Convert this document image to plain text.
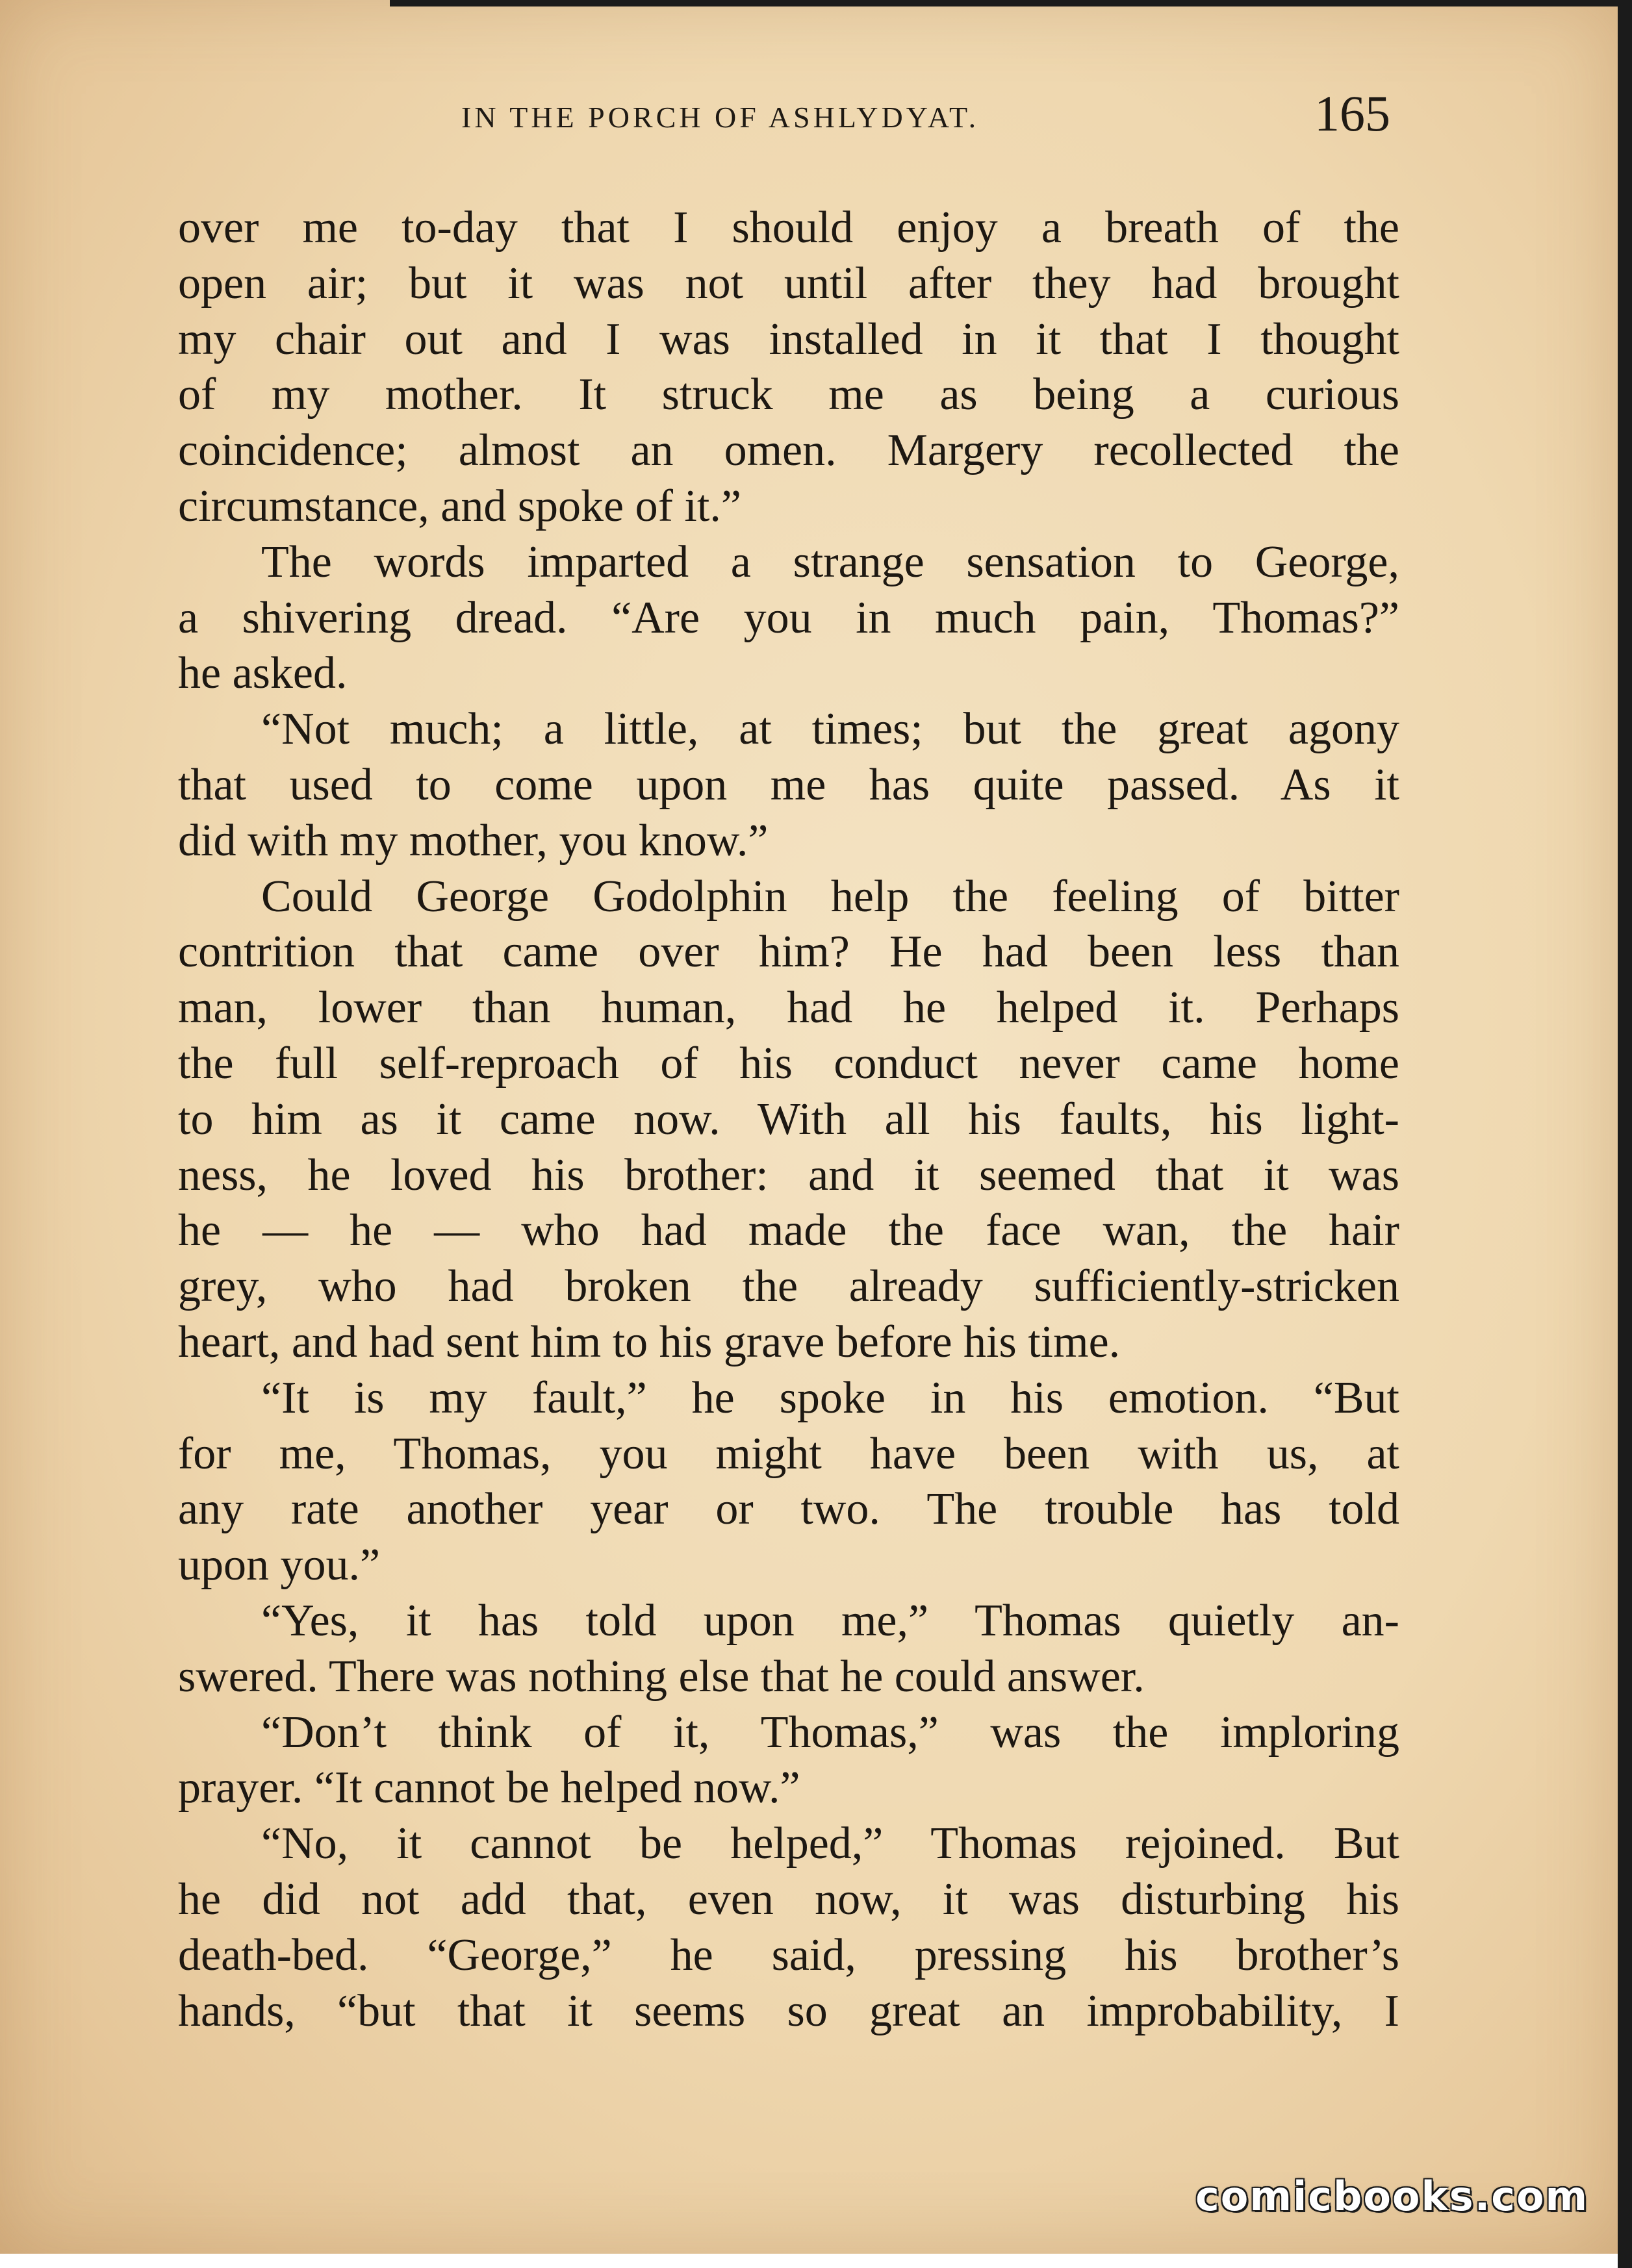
IN THE PORCH OF ASHLYDYAT.	165
over me to-day that I should enjoy a breath of the
open air; but it was not until after they had brought
my chair out and I was installed in it that I thought
of my mother. It struck me as being a curious
coincidence; almost an omen. Margery recollected the
circumstance, and spoke of it.”
The words imparted a strange sensation to George,
a shivering dread. “Are you in much pain, Thomas?”
he asked.
“Not much; a little, at times; but the great agony
that used to come upon me has quite passed. As it
did with my mother, you know.”
Could George Godolphin help the feeling of bitter
contrition that came over him? He had been less than
man, lower than human, had he helped it. Perhaps
the full self-reproach of his conduct never came home
to him as it came now. With all his faults, his light-
ness, he loved his brother: and it seemed that it was
he — he — who had made the face wan, the hair
grey, who had broken the already sufficiently-stricken
heart, and had sent him to his grave before his time.
“It is my fault,” he spoke in his emotion. “But
for me, Thomas, you might have been with us, at
any rate another year or two. The trouble has told
upon you.”
“Yes, it has told upon me,” Thomas quietly an-
swered. There was nothing else that he could answer.
“Don’t think of it, Thomas,” was the imploring
prayer. “It cannot be helped now.”
“No, it cannot be helped,” Thomas rejoined. But
he did not add that, even now, it was disturbing his
death-bed. “George,” he said, pressing his brother’s
hands, “but that it seems so great an improbability, I
comicbooks.com
